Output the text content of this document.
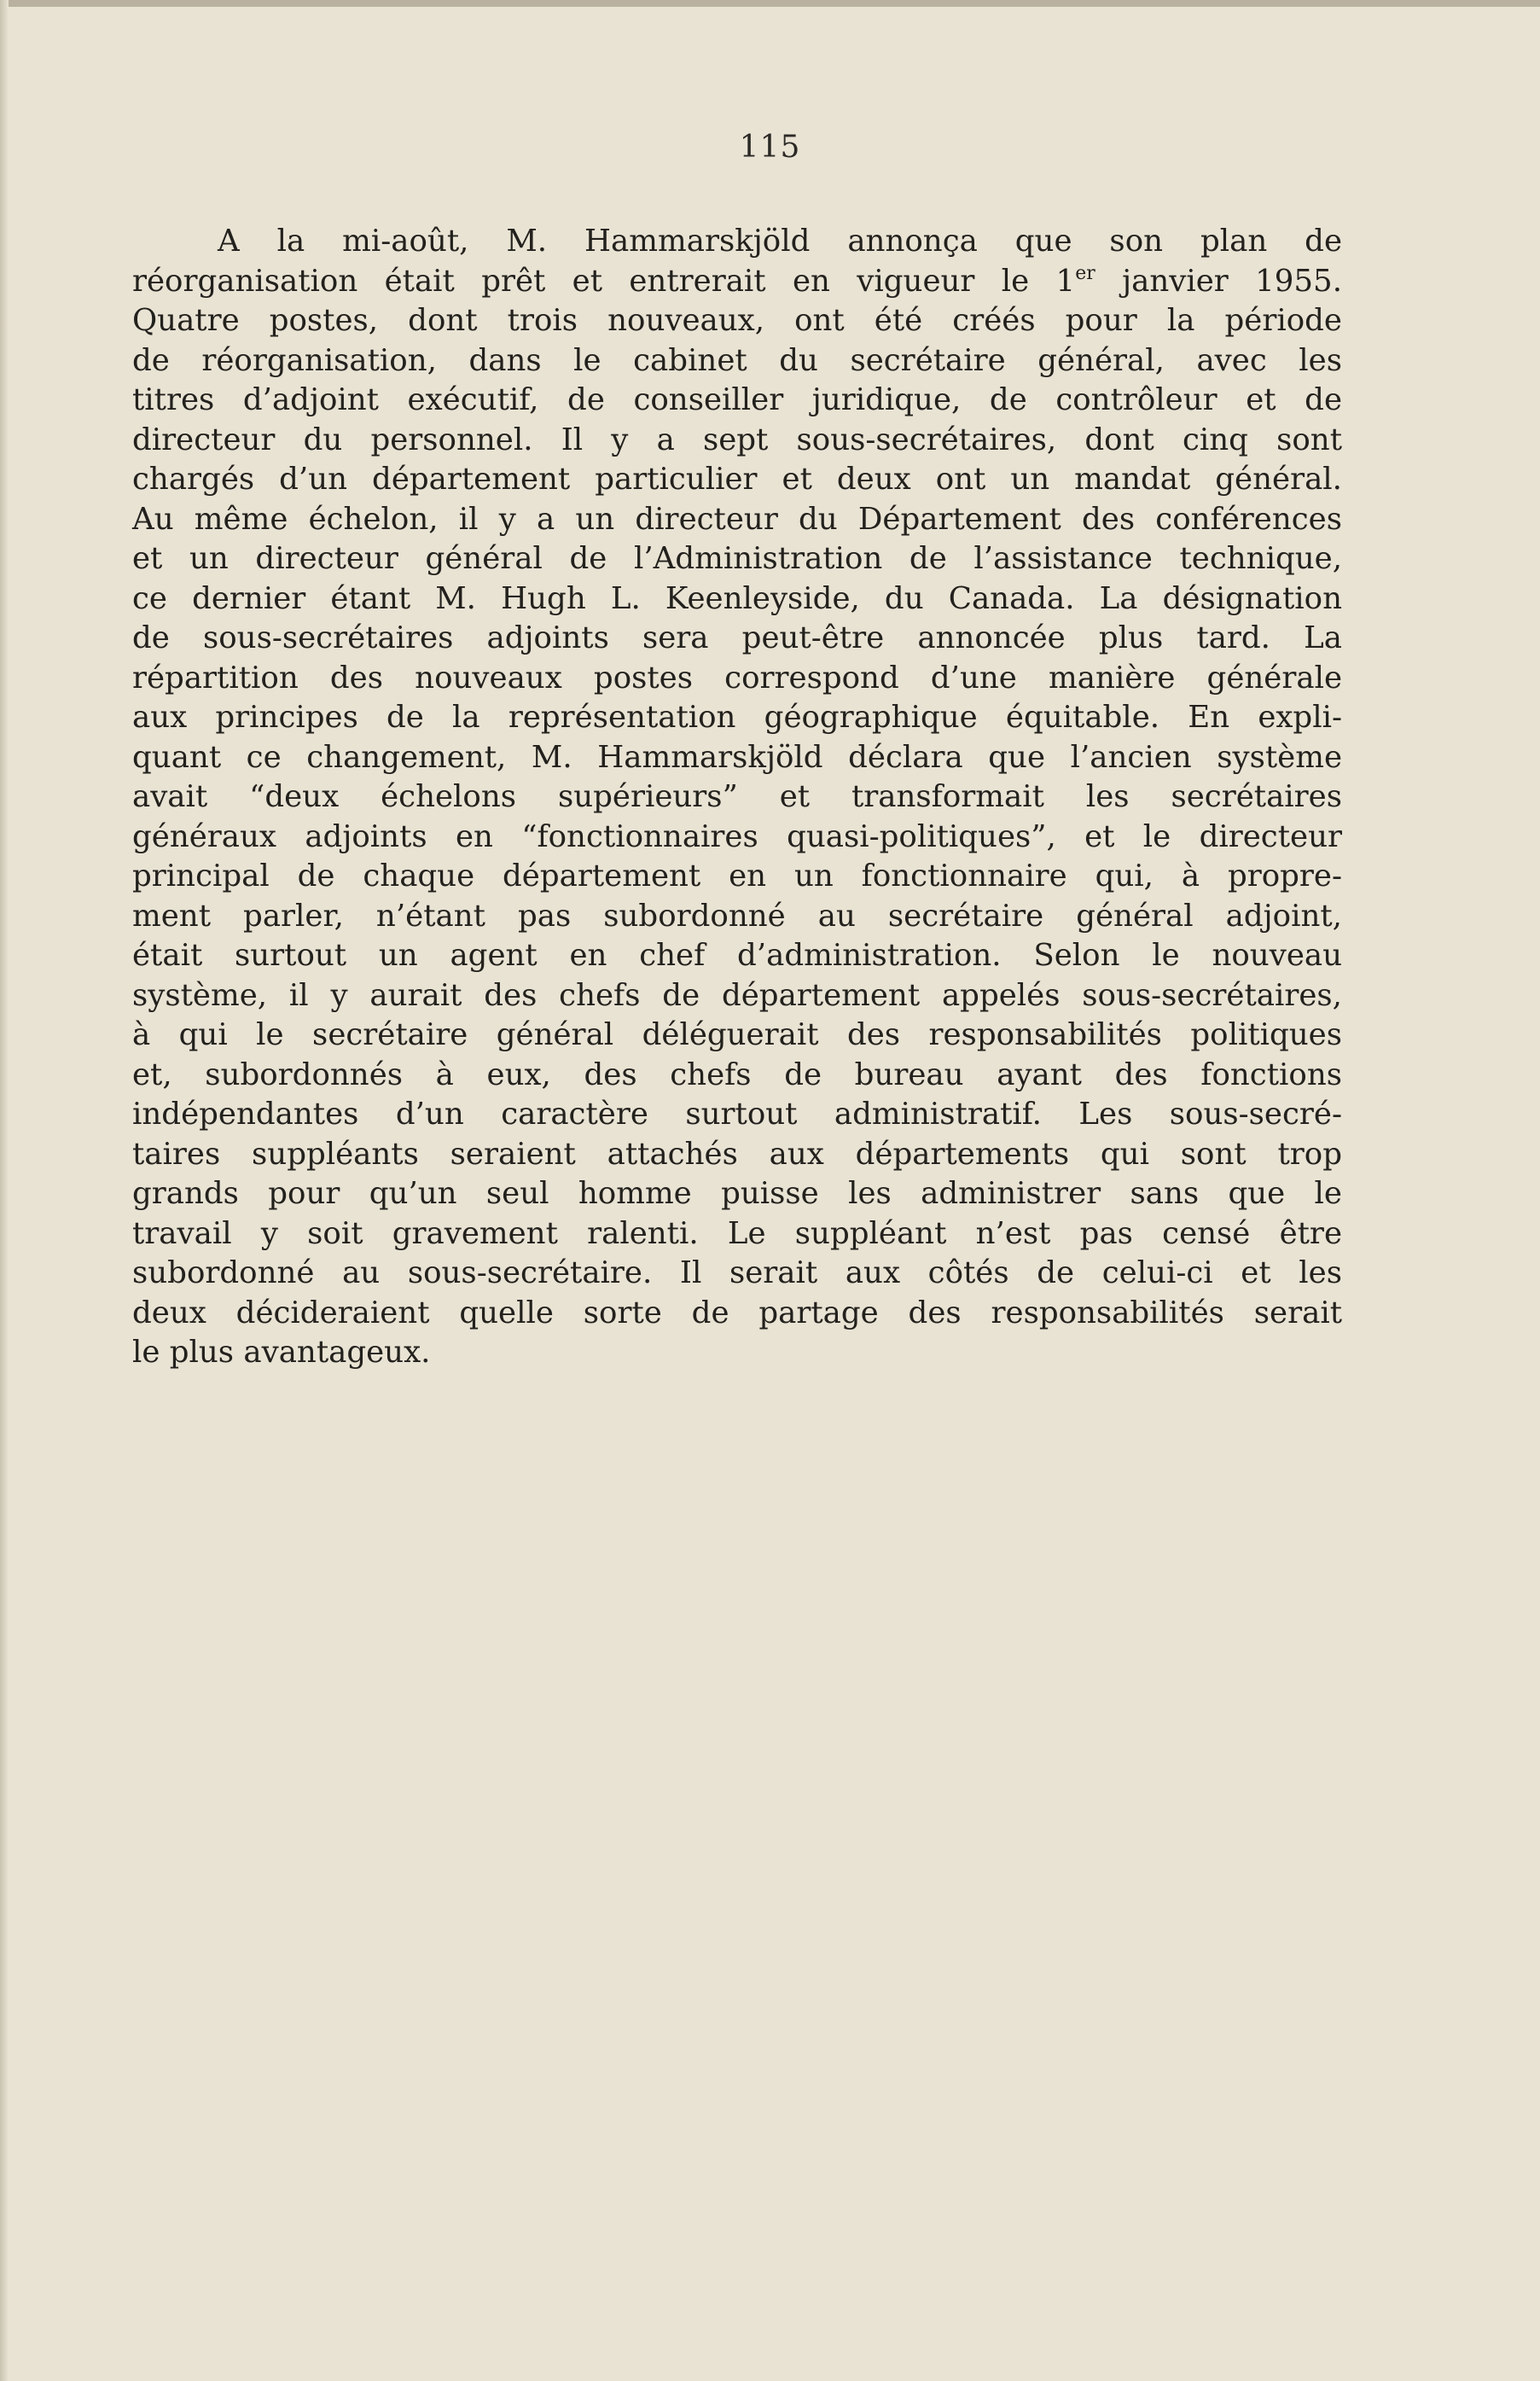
115
A la mi-août, M. Hammarskjöld annonça que son plan de
réorganisation était prêt et entrerait en vigueur le 1er janvier 1955.
Quatre postes, dont trois nouveaux, ont été créés pour la période
de réorganisation, dans le cabinet du secrétaire général, avec les
titres d’adjoint exécutif, de conseiller juridique, de contrôleur et de
directeur du personnel. Il y a sept sous-secrétaires, dont cinq sont
chargés d’un département particulier et deux ont un mandat général.
Au même échelon, il y a un directeur du Département des conférences
et un directeur général de l’Administration de l’assistance technique,
ce dernier étant M. Hugh L. Keenleyside, du Canada. La désignation
de sous-secrétaires adjoints sera peut-être annoncée plus tard. La
répartition des nouveaux postes correspond d’une manière générale
aux principes de la représentation géographique équitable. En expli-
quant ce changement, M. Hammarskjöld déclara que l’ancien système
avait “deux échelons supérieurs” et transformait les secrétaires
généraux adjoints en “fonctionnaires quasi-politiques”, et le directeur
principal de chaque département en un fonctionnaire qui, à propre-
ment parler, n’étant pas subordonné au secrétaire général adjoint,
était surtout un agent en chef d’administration. Selon le nouveau
système, il y aurait des chefs de département appelés sous-secrétaires,
à qui le secrétaire général déléguerait des responsabilités politiques
et, subordonnés à eux, des chefs de bureau ayant des fonctions
indépendantes d’un caractère surtout administratif. Les sous-secré-
taires suppléants seraient attachés aux départements qui sont trop
grands pour qu’un seul homme puisse les administrer sans que le
travail y soit gravement ralenti. Le suppléant n’est pas censé être
subordonné au sous-secrétaire. Il serait aux côtés de celui-ci et les
deux décideraient quelle sorte de partage des responsabilités serait
le plus avantageux.
